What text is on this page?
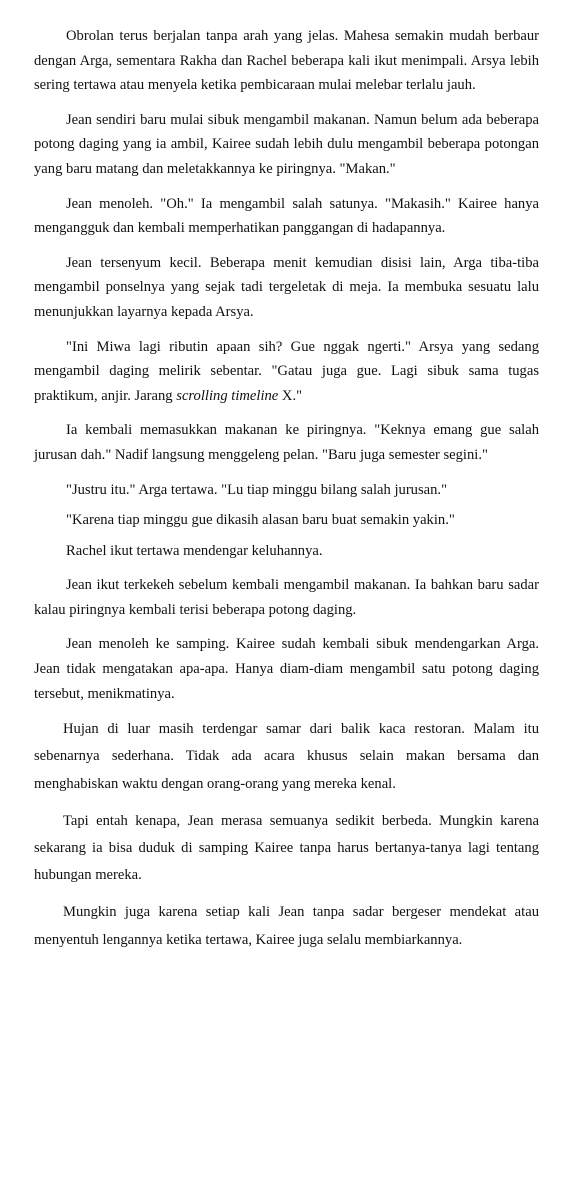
Obrolan terus berjalan tanpa arah yang jelas. Mahesa semakin mudah berbaur dengan Arga, sementara Rakha dan Rachel beberapa kali ikut menimpali. Arsya lebih sering tertawa atau menyela ketika pembicaraan mulai melebar terlalu jauh.

Jean sendiri baru mulai sibuk mengambil makanan. Namun belum ada beberapa potong daging yang ia ambil, Kairee sudah lebih dulu mengambil beberapa potongan yang baru matang dan meletakkannya ke piringnya. "Makan."

Jean menoleh. "Oh." Ia mengambil salah satunya. "Makasih." Kairee hanya mengangguk dan kembali memperhatikan panggangan di hadapannya.

Jean tersenyum kecil. Beberapa menit kemudian disisi lain, Arga tiba-tiba mengambil ponselnya yang sejak tadi tergeletak di meja. Ia membuka sesuatu lalu menunjukkan layarnya kepada Arsya.

"Ini Miwa lagi ributin apaan sih? Gue nggak ngerti." Arsya yang sedang mengambil daging melirik sebentar. "Gatau juga gue. Lagi sibuk sama tugas praktikum, anjir. Jarang scrolling timeline X."

Ia kembali memasukkan makanan ke piringnya. "Keknya emang gue salah jurusan dah." Nadif langsung menggeleng pelan. "Baru juga semester segini."

"Justru itu." Arga tertawa. "Lu tiap minggu bilang salah jurusan."

"Karena tiap minggu gue dikasih alasan baru buat semakin yakin."

Rachel ikut tertawa mendengar keluhannya.

Jean ikut terkekeh sebelum kembali mengambil makanan. Ia bahkan baru sadar kalau piringnya kembali terisi beberapa potong daging.

Jean menoleh ke samping. Kairee sudah kembali sibuk mendengarkan Arga. Jean tidak mengatakan apa-apa. Hanya diam-diam mengambil satu potong daging tersebut, menikmatinya.

Hujan di luar masih terdengar samar dari balik kaca restoran. Malam itu sebenarnya sederhana. Tidak ada acara khusus selain makan bersama dan menghabiskan waktu dengan orang-orang yang mereka kenal.

Tapi entah kenapa, Jean merasa semuanya sedikit berbeda. Mungkin karena sekarang ia bisa duduk di samping Kairee tanpa harus bertanya-tanya lagi tentang hubungan mereka.

Mungkin juga karena setiap kali Jean tanpa sadar bergeser mendekat atau menyentuh lengannya ketika tertawa, Kairee juga selalu membiarkannya.
